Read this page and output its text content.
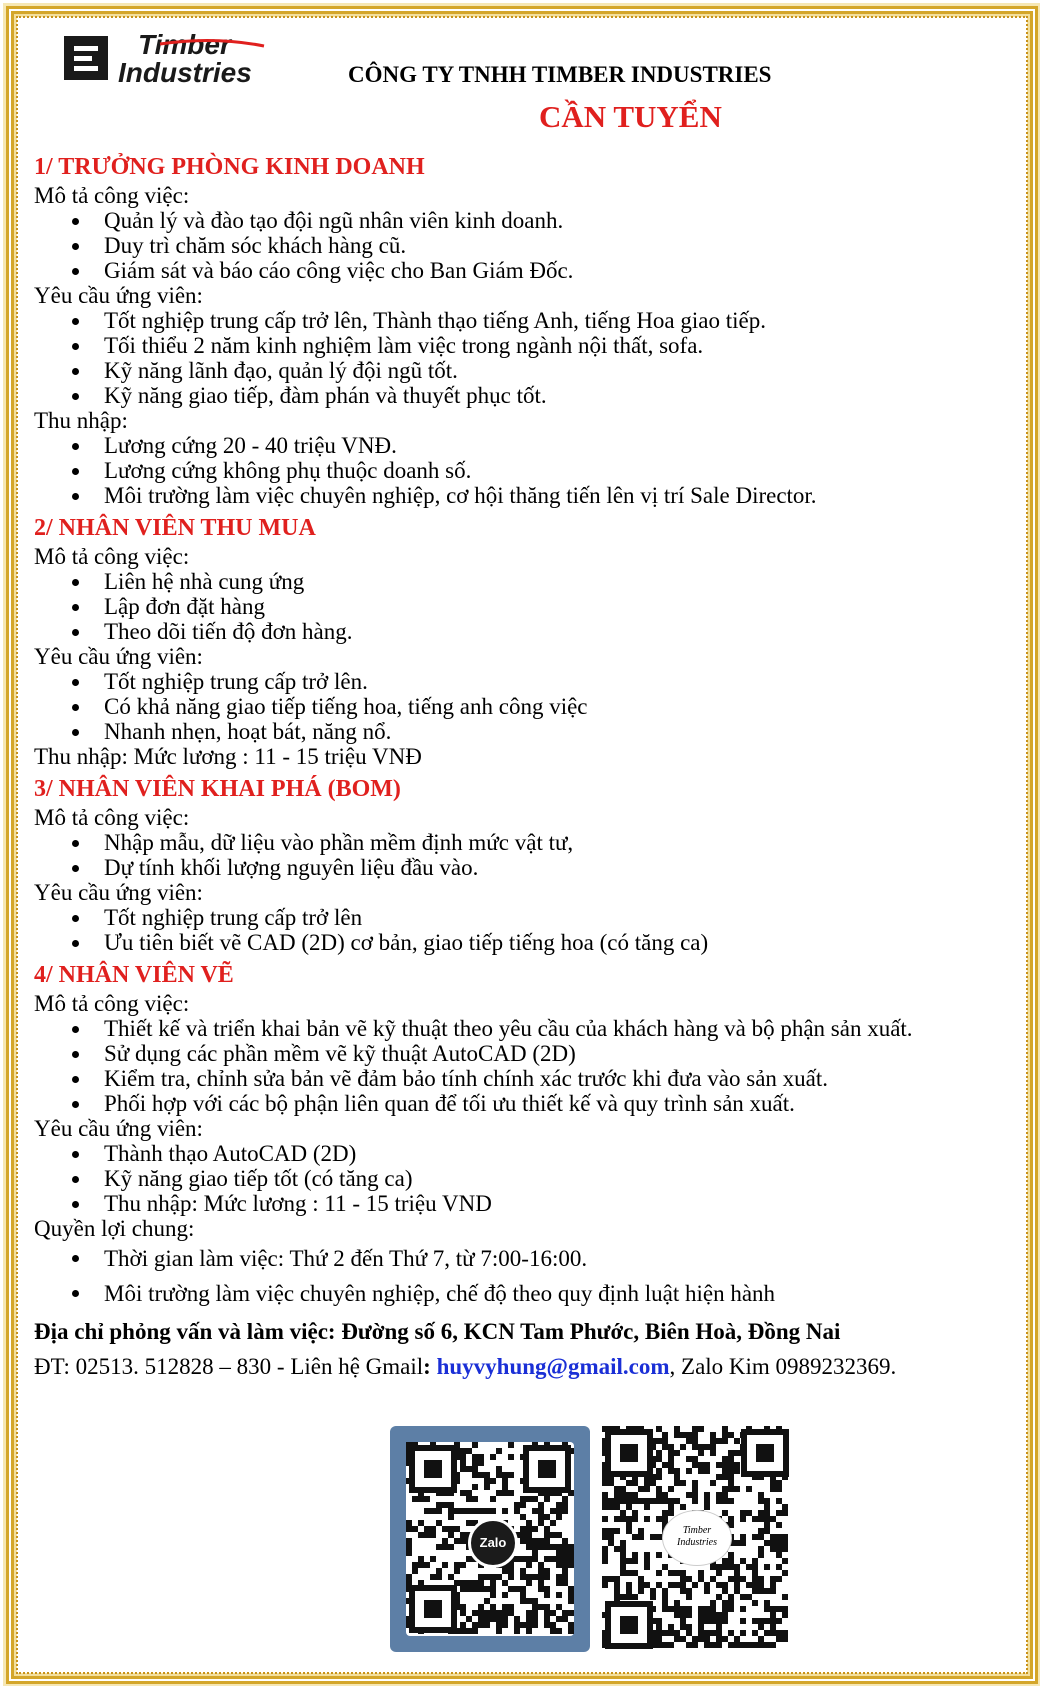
Timber
Industries	CÔNG TY TNHH TIMBER INDUSTRIES
CẦN TUYỂN
1/ TRƯỞNG PHÒNG KINH DOANH
Mô tả công việc:
Quản lý và đào tạo đội ngũ nhân viên kinh doanh.
Duy trì chăm sóc khách hàng cũ.
Giám sát và báo cáo công việc cho Ban Giám Đốc.
Yêu cầu ứng viên:
Tốt nghiệp trung cấp trở lên, Thành thạo tiếng Anh, tiếng Hoa giao tiếp.
Tối thiểu 2 năm kinh nghiệm làm việc trong ngành nội thất, sofa.
Kỹ năng lãnh đạo, quản lý đội ngũ tốt.
Kỹ năng giao tiếp, đàm phán và thuyết phục tốt.
Thu nhập:
Lương cứng 20 - 40 triệu VNĐ.
Lương cứng không phụ thuộc doanh số.
Môi trường làm việc chuyên nghiệp, cơ hội thăng tiến lên vị trí Sale Director.
2/ NHÂN VIÊN THU MUA
Mô tả công việc:
Liên hệ nhà cung ứng
Lập đơn đặt hàng
Theo dõi tiến độ đơn hàng.
Yêu cầu ứng viên:
Tốt nghiệp trung cấp trở lên.
Có khả năng giao tiếp tiếng hoa, tiếng anh công việc
Nhanh nhẹn, hoạt bát, năng nổ.
Thu nhập: Mức lương : 11 - 15 triệu VNĐ
3/ NHÂN VIÊN KHAI PHÁ (BOM)
Mô tả công việc:
Nhập mẫu, dữ liệu vào phần mềm định mức vật tư,
Dự tính khối lượng nguyên liệu đầu vào.
Yêu cầu ứng viên:
Tốt nghiệp trung cấp trở lên
Ưu tiên biết vẽ CAD (2D) cơ bản, giao tiếp tiếng hoa (có tăng ca)
4/ NHÂN VIÊN VẼ
Mô tả công việc:
Thiết kế và triển khai bản vẽ kỹ thuật theo yêu cầu của khách hàng và bộ phận sản xuất.
Sử dụng các phần mềm vẽ kỹ thuật AutoCAD (2D)
Kiểm tra, chỉnh sửa bản vẽ đảm bảo tính chính xác trước khi đưa vào sản xuất.
Phối hợp với các bộ phận liên quan để tối ưu thiết kế và quy trình sản xuất.
Yêu cầu ứng viên:
Thành thạo AutoCAD (2D)
Kỹ năng giao tiếp tốt (có tăng ca)
Thu nhập: Mức lương : 11 - 15 triệu VND
Quyền lợi chung:
Thời gian làm việc: Thứ 2 đến Thứ 7, từ 7:00-16:00.
Môi trường làm việc chuyên nghiệp, chế độ theo quy định luật hiện hành
Địa chỉ phỏng vấn và làm việc: Đường số 6, KCN Tam Phước, Biên Hoà, Đồng Nai
ĐT: 02513. 512828 – 830 - Liên hệ Gmail: huyvyhung@gmail.com, Zalo Kim 0989232369.
Zalo
Timber
Industries
